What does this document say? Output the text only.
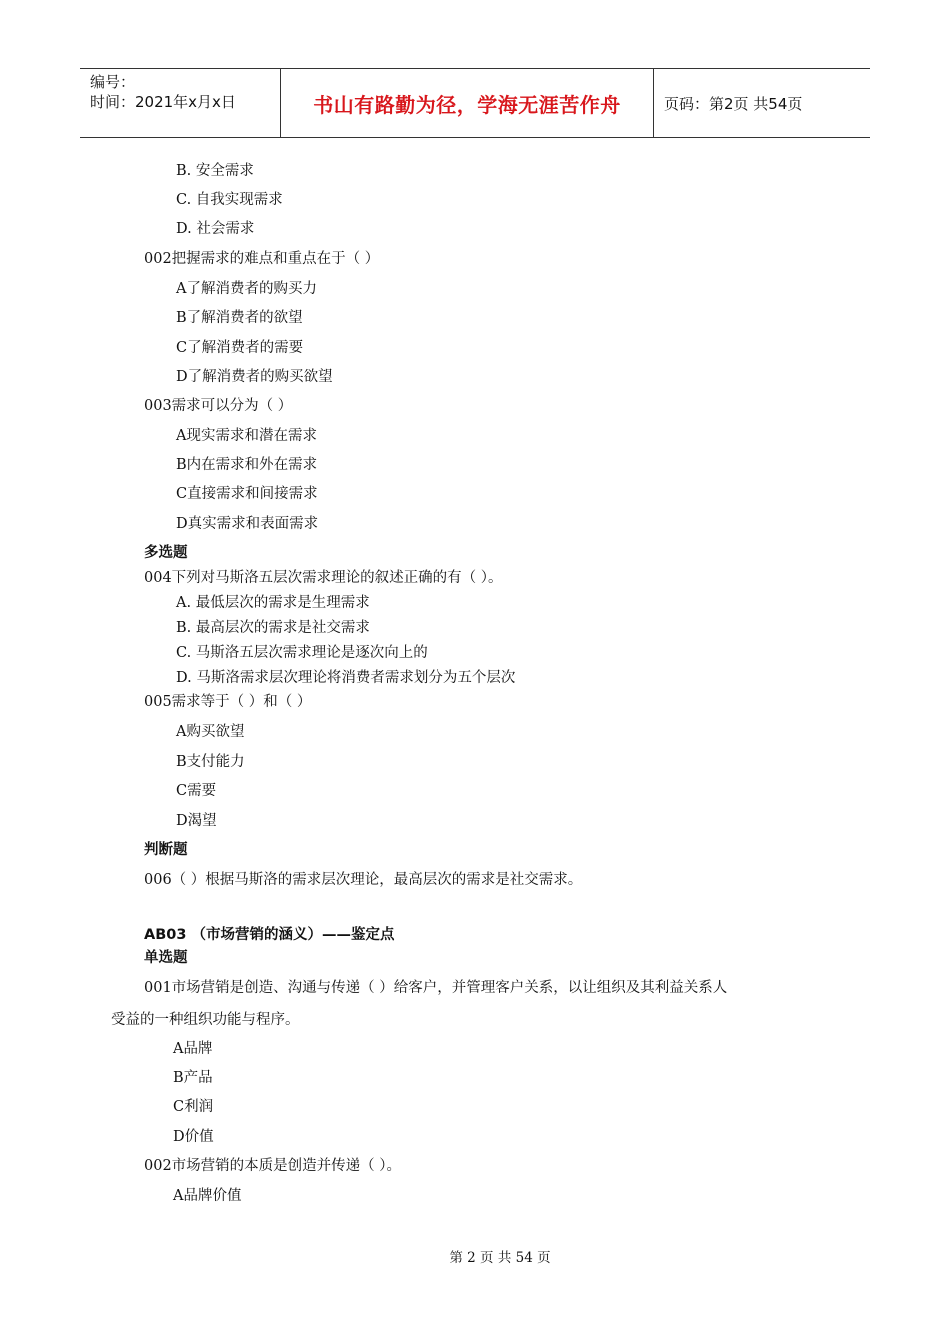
编号：
时间：2021年x月x日	书山有路勤为径，学海无涯苦作舟	页码：第2页 共54页
B. 安全需求
C. 自我实现需求
D. 社会需求
002把握需求的难点和重点在于（ ）
A了解消费者的购买力
B了解消费者的欲望
C了解消费者的需要
D了解消费者的购买欲望
003需求可以分为（ ）
A现实需求和潜在需求
B内在需求和外在需求
C直接需求和间接需求
D真实需求和表面需求
多选题
004下列对马斯洛五层次需求理论的叙述正确的有（ ）。
A. 最低层次的需求是生理需求
B. 最高层次的需求是社交需求
C. 马斯洛五层次需求理论是逐次向上的
D. 马斯洛需求层次理论将消费者需求划分为五个层次
005需求等于（ ）和（ ）
A购买欲望
B支付能力
C需要
D渴望
判断题
006（ ）根据马斯洛的需求层次理论，最高层次的需求是社交需求。
AB03 （市场营销的涵义）——鉴定点
单选题
001市场营销是创造、沟通与传递（ ）给客户，并管理客户关系，以让组织及其利益关系人
受益的一种组织功能与程序。
A品牌
B产品
C利润
D价值
002市场营销的本质是创造并传递（ ）。
A品牌价值
第 2 页 共 54 页
